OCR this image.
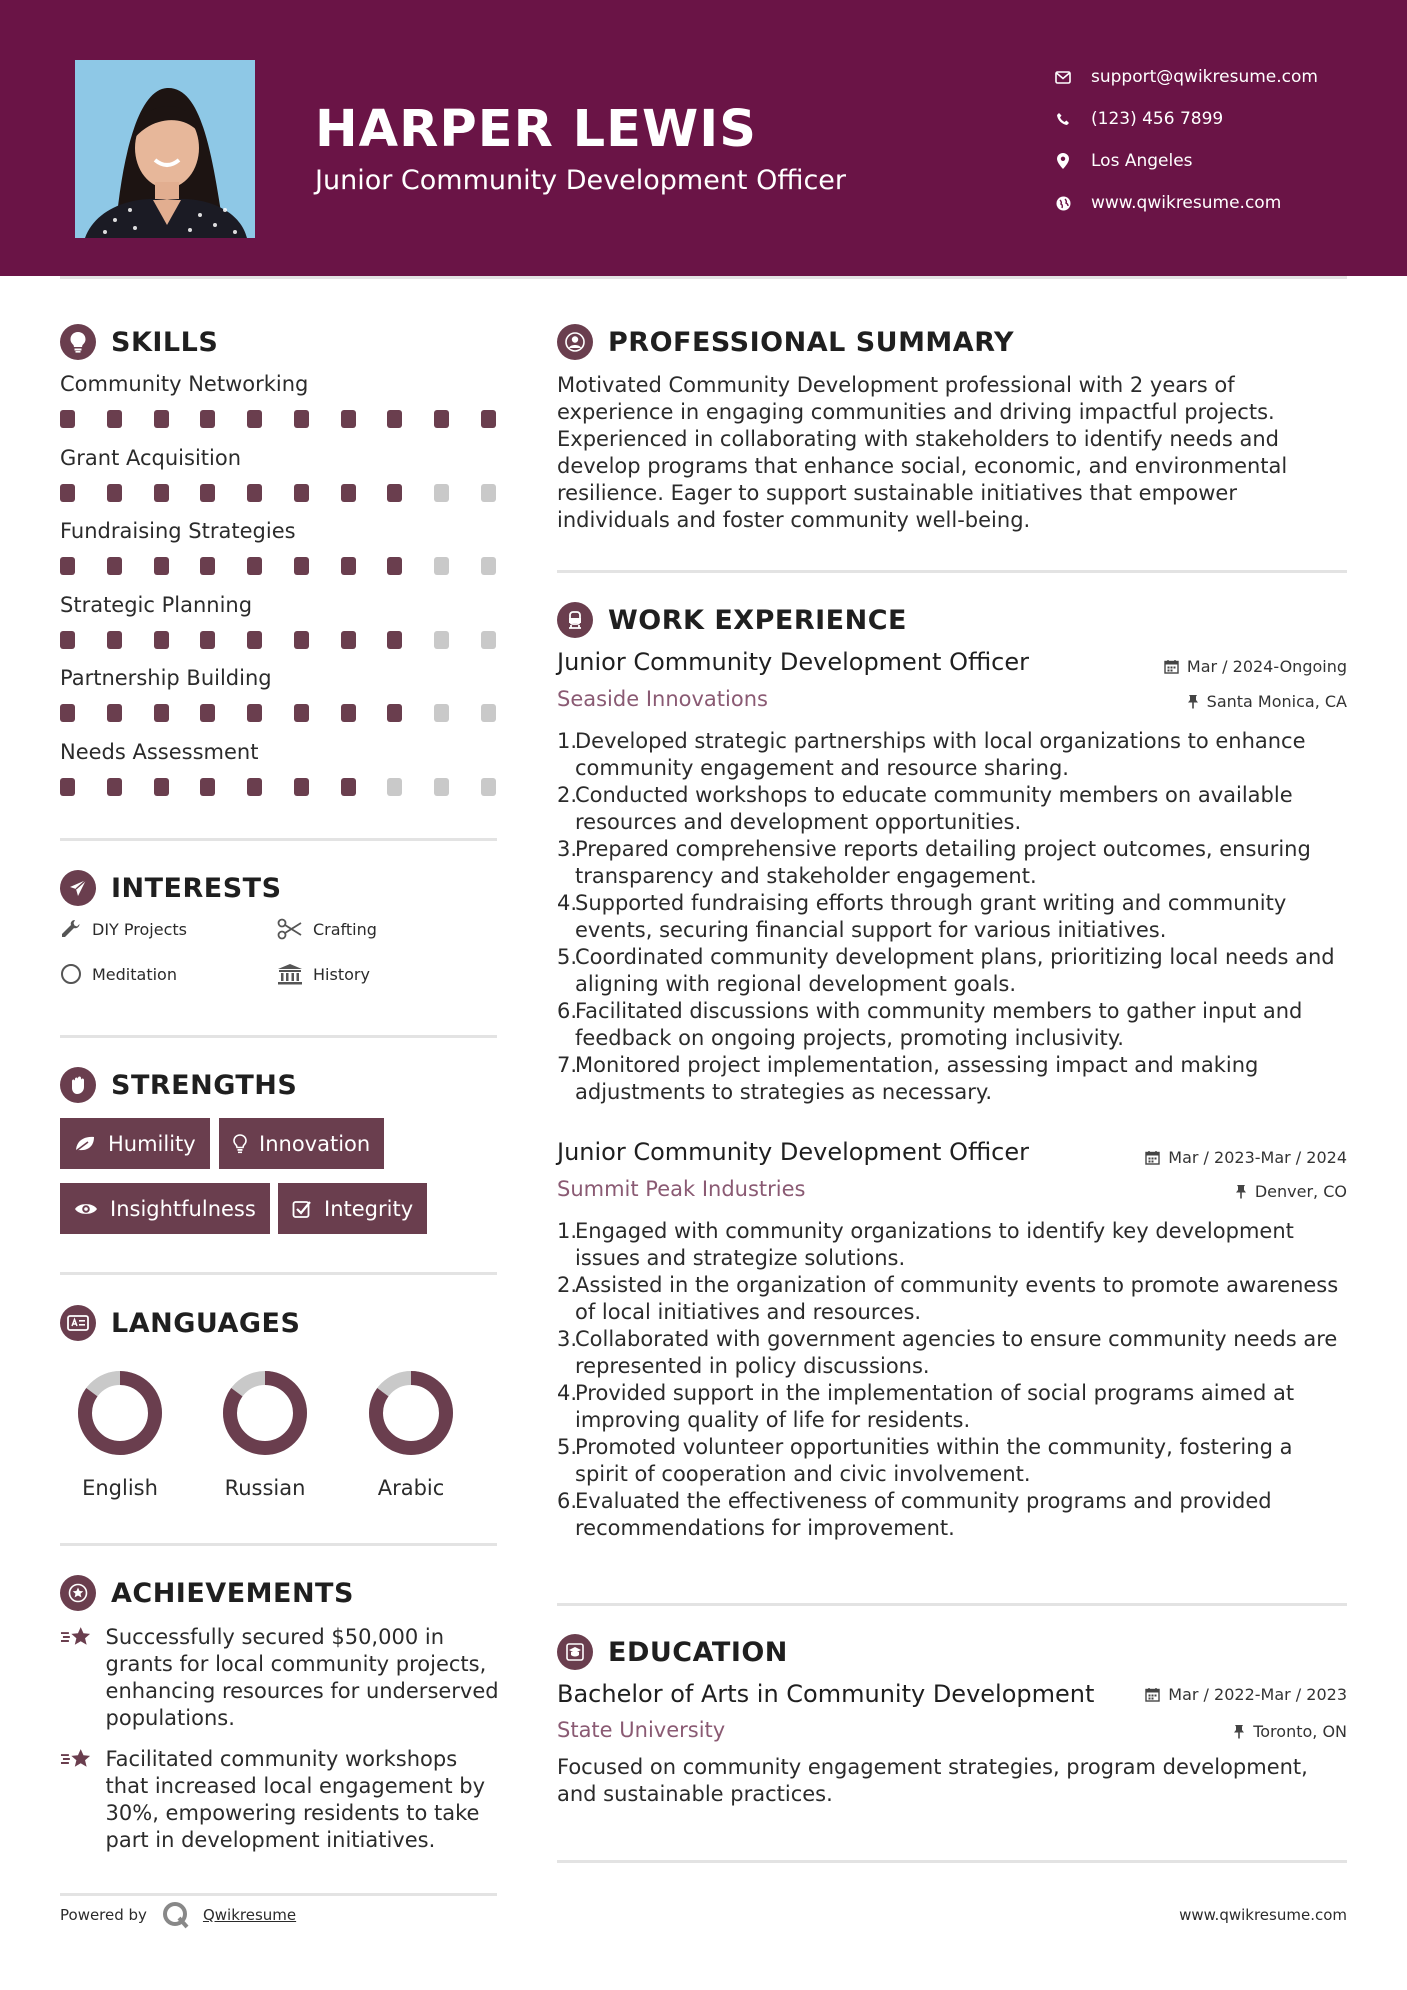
HARPER LEWIS
Junior Community Development Officer
support@qwikresume.com
(123) 456 7899
Los Angeles
www.qwikresume.com
SKILLS
Community Networking
Grant Acquisition
Fundraising Strategies
Strategic Planning
Partnership Building
Needs Assessment
INTERESTS
DIY Projects	Crafting
Meditation	History
STRENGTHS
Humility	Innovation
Insightfulness	Integrity
LANGUAGES
English	Russian	Arabic
ACHIEVEMENTS
Successfully secured $50,000 in grants for local community projects, enhancing resources for underserved populations.
Facilitated community workshops that increased local engagement by 30%, empowering residents to take part in development initiatives.
PROFESSIONAL SUMMARY
Motivated Community Development professional with 2 years of experience in engaging communities and driving impactful projects. Experienced in collaborating with stakeholders to identify needs and develop programs that enhance social, economic, and environmental resilience. Eager to support sustainable initiatives that empower individuals and foster community well-being.
WORK EXPERIENCE
Junior Community Development Officer	Mar / 2024-Ongoing
Seaside Innovations	Santa Monica, CA
1.
Developed strategic partnerships with local organizations to enhance community engagement and resource sharing.
2.
Conducted workshops to educate community members on available resources and development opportunities.
3.
Prepared comprehensive reports detailing project outcomes, ensuring transparency and stakeholder engagement.
4.
Supported fundraising efforts through grant writing and community events, securing financial support for various initiatives.
5.
Coordinated community development plans, prioritizing local needs and aligning with regional development goals.
6.
Facilitated discussions with community members to gather input and feedback on ongoing projects, promoting inclusivity.
7.
Monitored project implementation, assessing impact and making adjustments to strategies as necessary.
Junior Community Development Officer	Mar / 2023-Mar / 2024
Summit Peak Industries	Denver, CO
1.
Engaged with community organizations to identify key development issues and strategize solutions.
2.
Assisted in the organization of community events to promote awareness of local initiatives and resources.
3.
Collaborated with government agencies to ensure community needs are represented in policy discussions.
4.
Provided support in the implementation of social programs aimed at improving quality of life for residents.
5.
Promoted volunteer opportunities within the community, fostering a spirit of cooperation and civic involvement.
6.
Evaluated the effectiveness of community programs and provided recommendations for improvement.
EDUCATION
Bachelor of Arts in Community Development	Mar / 2022-Mar / 2023
State University	Toronto, ON
Focused on community engagement strategies, program development, and sustainable practices.
Powered by	Qwikresume	www.qwikresume.com
